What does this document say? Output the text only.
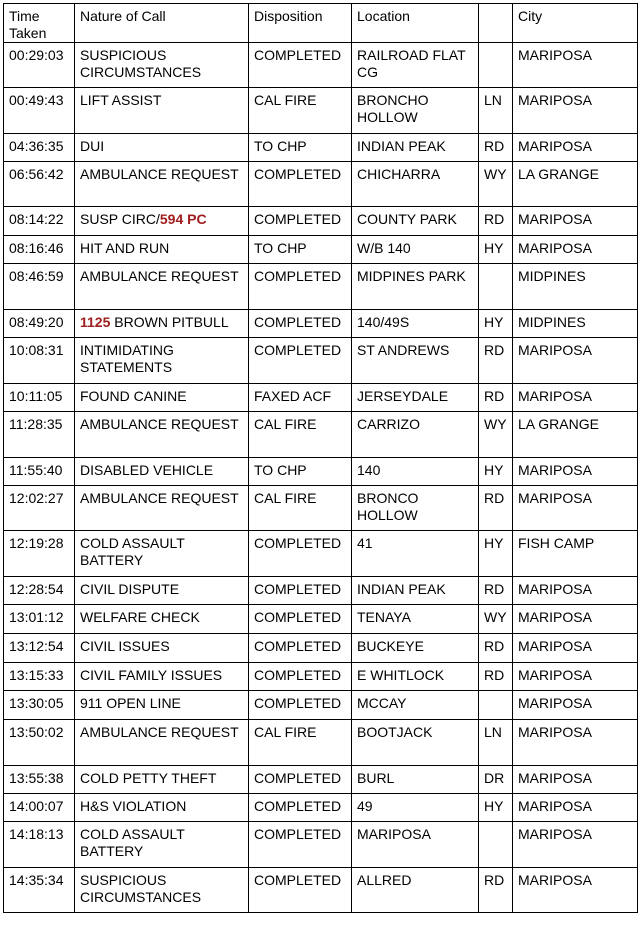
Time Taken	Nature of Call	Disposition	Location		City
00:29:03	SUSPICIOUS CIRCUMSTANCES	COMPLETED	RAILROAD FLAT CG		MARIPOSA
00:49:43	LIFT ASSIST	CAL FIRE	BRONCHO HOLLOW	LN	MARIPOSA
04:36:35	DUI	TO CHP	INDIAN PEAK	RD	MARIPOSA
06:56:42	AMBULANCE REQUEST	COMPLETED	CHICHARRA	WY	LA GRANGE
08:14:22	SUSP CIRC/594 PC	COMPLETED	COUNTY PARK	RD	MARIPOSA
08:16:46	HIT AND RUN	TO CHP	W/B 140	HY	MARIPOSA
08:46:59	AMBULANCE REQUEST	COMPLETED	MIDPINES PARK		MIDPINES
08:49:20	1125 BROWN PITBULL	COMPLETED	140/49S	HY	MIDPINES
10:08:31	INTIMIDATING STATEMENTS	COMPLETED	ST ANDREWS	RD	MARIPOSA
10:11:05	FOUND CANINE	FAXED ACF	JERSEYDALE	RD	MARIPOSA
11:28:35	AMBULANCE REQUEST	CAL FIRE	CARRIZO	WY	LA GRANGE
11:55:40	DISABLED VEHICLE	TO CHP	140	HY	MARIPOSA
12:02:27	AMBULANCE REQUEST	CAL FIRE	BRONCO HOLLOW	RD	MARIPOSA
12:19:28	COLD ASSAULT BATTERY	COMPLETED	41	HY	FISH CAMP
12:28:54	CIVIL DISPUTE	COMPLETED	INDIAN PEAK	RD	MARIPOSA
13:01:12	WELFARE CHECK	COMPLETED	TENAYA	WY	MARIPOSA
13:12:54	CIVIL ISSUES	COMPLETED	BUCKEYE	RD	MARIPOSA
13:15:33	CIVIL FAMILY ISSUES	COMPLETED	E WHITLOCK	RD	MARIPOSA
13:30:05	911 OPEN LINE	COMPLETED	MCCAY		MARIPOSA
13:50:02	AMBULANCE REQUEST	CAL FIRE	BOOTJACK	LN	MARIPOSA
13:55:38	COLD PETTY THEFT	COMPLETED	BURL	DR	MARIPOSA
14:00:07	H&S VIOLATION	COMPLETED	49	HY	MARIPOSA
14:18:13	COLD ASSAULT BATTERY	COMPLETED	MARIPOSA		MARIPOSA
14:35:34	SUSPICIOUS CIRCUMSTANCES	COMPLETED	ALLRED	RD	MARIPOSA
